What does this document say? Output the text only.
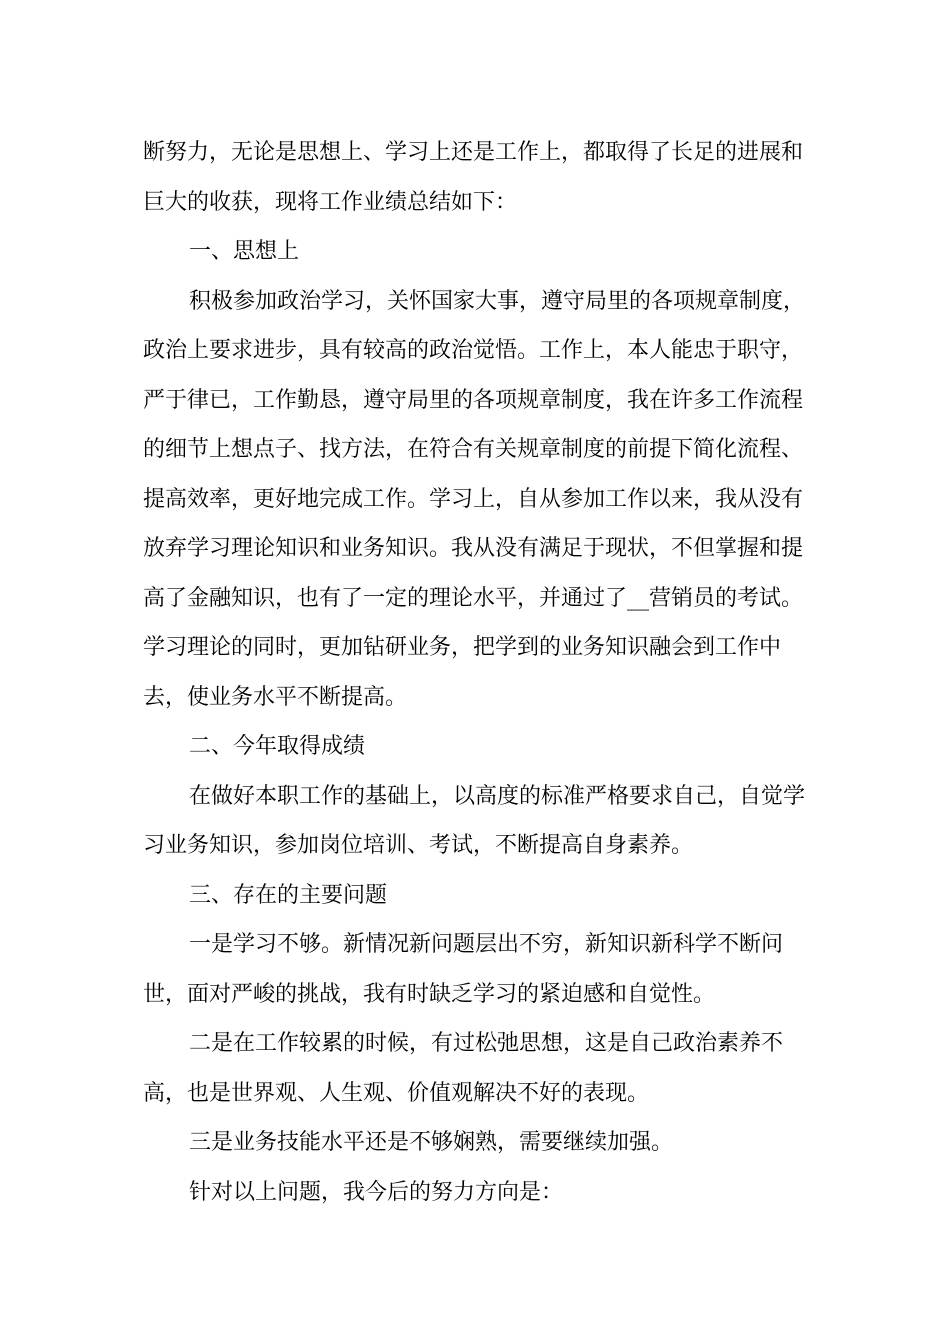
断努力，无论是思想上、学习上还是工作上，都取得了长足的进展和巨大的收获，现将工作业绩总结如下：

一、思想上

积极参加政治学习，关怀国家大事，遵守局里的各项规章制度，政治上要求进步，具有较高的政治觉悟。工作上，本人能忠于职守，严于律已，工作勤恳，遵守局里的各项规章制度，我在许多工作流程的细节上想点子、找方法，在符合有关规章制度的前提下简化流程、提高效率，更好地完成工作。学习上，自从参加工作以来，我从没有放弃学习理论知识和业务知识。我从没有满足于现状，不但掌握和提高了金融知识，也有了一定的理论水平，并通过了__营销员的考试。学习理论的同时，更加钻研业务，把学到的业务知识融会到工作中去，使业务水平不断提高。

二、今年取得成绩

在做好本职工作的基础上，以高度的标准严格要求自己，自觉学习业务知识，参加岗位培训、考试，不断提高自身素养。

三、存在的主要问题

一是学习不够。新情况新问题层出不穷，新知识新科学不断问世，面对严峻的挑战，我有时缺乏学习的紧迫感和自觉性。

二是在工作较累的时候，有过松弛思想，这是自己政治素养不高，也是世界观、人生观、价值观解决不好的表现。

三是业务技能水平还是不够娴熟，需要继续加强。

针对以上问题，我今后的努力方向是：
